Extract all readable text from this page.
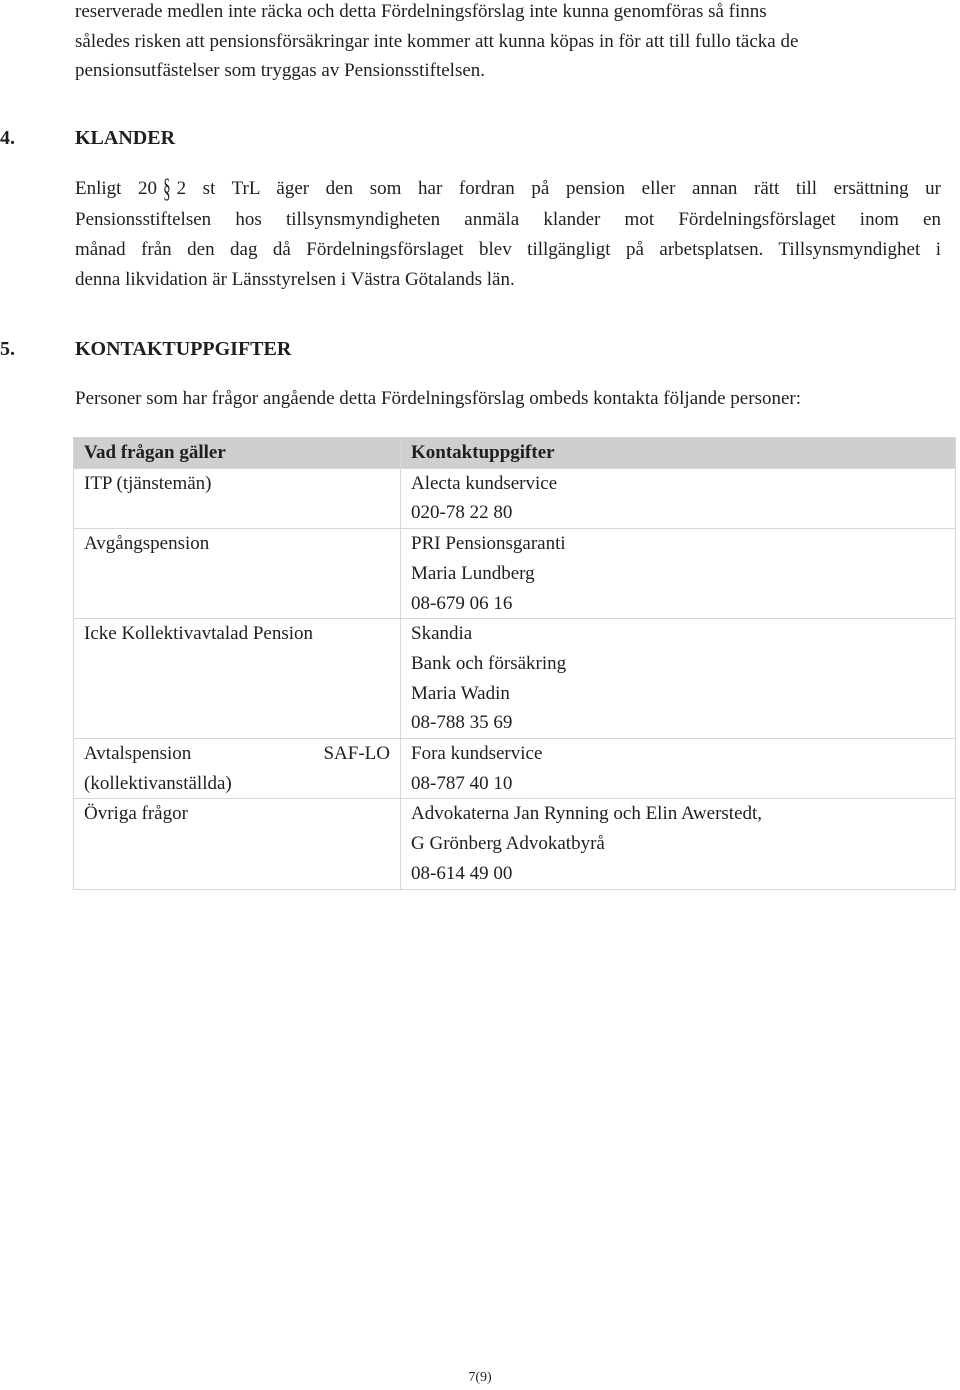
reserverade medlen inte räcka och detta Fördelningsförslag inte kunna genomföras så finns
således risken att pensionsförsäkringar inte kommer att kunna köpas in för att till fullo täcka de
pensionsutfästelser som tryggas av Pensionsstiftelsen.

4.	KLANDER

Enligt 20 § 2 st TrL äger den som har fordran på pension eller annan rätt till ersättning ur
Pensionsstiftelsen hos tillsynsmyndigheten anmäla klander mot Fördelningsförslaget inom en
månad från den dag då Fördelningsförslaget blev tillgängligt på arbetsplatsen. Tillsynsmyndighet i
denna likvidation är Länsstyrelsen i Västra Götalands län.

5.	KONTAKTUPPGIFTER

Personer som har frågor angående detta Fördelningsförslag ombeds kontakta följande personer:

Vad frågan gäller	Kontaktuppgifter

ITP (tjänstemän)	Alecta kundservice
020-78 22 80

Avgångspension	PRI Pensionsgaranti
Maria Lundberg
08-679 06 16

Icke Kollektivavtalad Pension	Skandia
Bank och försäkring
Maria Wadin
08-788 35 69

Avtalspension SAF-LO
(kollektivanställda)	Fora kundservice
08-787 40 10

Övriga frågor	Advokaterna Jan Rynning och Elin Awerstedt,
G Grönberg Advokatbyrå
08-614 49 00

7(9)
